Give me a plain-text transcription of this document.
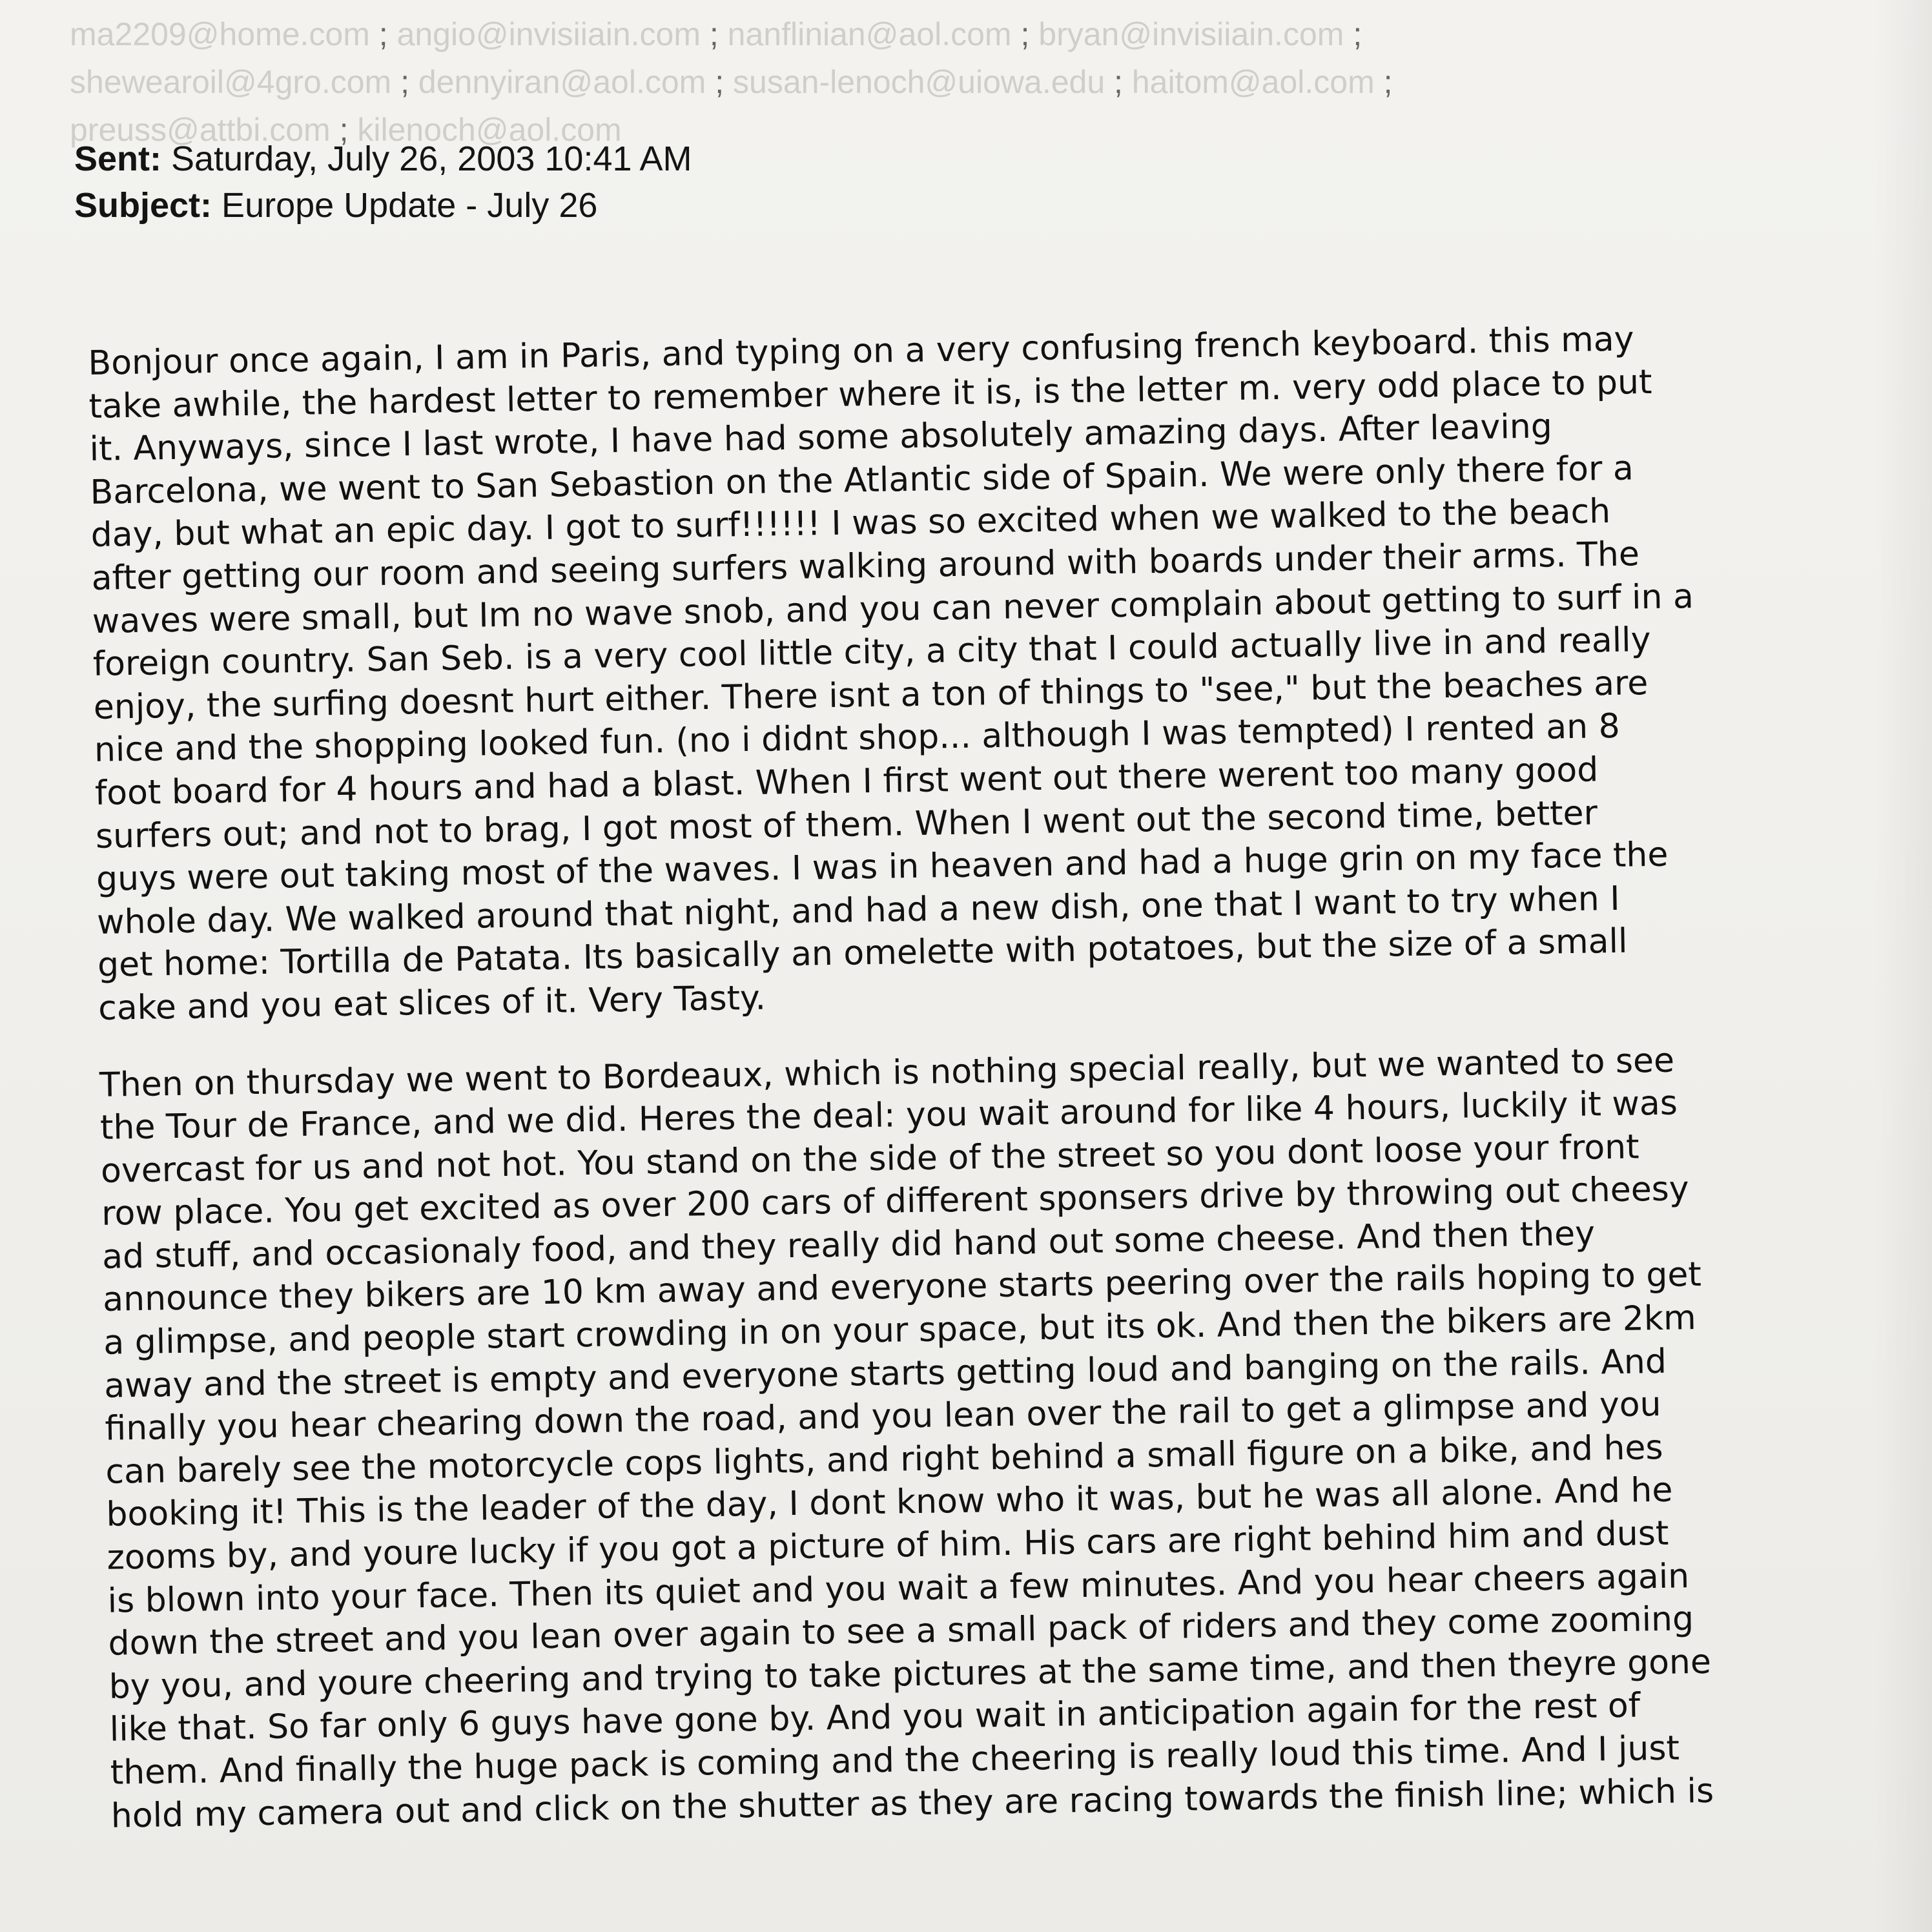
ma2209@home.com ; angio@invisiiain.com ; nanflinian@aol.com ; bryan@invisiiain.com ;
shewearoil@4gro.com ; dennyiran@aol.com ; susan-lenoch@uiowa.edu ; haitom@aol.com ;
preuss@attbi.com ; kilenoch@aol.com
Sent: Saturday, July 26, 2003 10:41 AM
Subject: Europe Update - July 26

Bonjour once again, I am in Paris, and typing on a very confusing french keyboard. this may
take awhile, the hardest letter to remember where it is, is the letter m. very odd place to put
it. Anyways, since I last wrote, I have had some absolutely amazing days. After leaving
Barcelona, we went to San Sebastion on the Atlantic side of Spain. We were only there for a
day, but what an epic day. I got to surf!!!!!! I was so excited when we walked to the beach
after getting our room and seeing surfers walking around with boards under their arms. The
waves were small, but Im no wave snob, and you can never complain about getting to surf in a
foreign country. San Seb. is a very cool little city, a city that I could actually live in and really
enjoy, the surfing doesnt hurt either. There isnt a ton of things to "see," but the beaches are
nice and the shopping looked fun. (no i didnt shop... although I was tempted) I rented an 8
foot board for 4 hours and had a blast. When I first went out there werent too many good
surfers out; and not to brag, I got most of them. When I went out the second time, better
guys were out taking most of the waves. I was in heaven and had a huge grin on my face the
whole day. We walked around that night, and had a new dish, one that I want to try when I
get home: Tortilla de Patata. Its basically an omelette with potatoes, but the size of a small
cake and you eat slices of it. Very Tasty.

Then on thursday we went to Bordeaux, which is nothing special really, but we wanted to see
the Tour de France, and we did. Heres the deal: you wait around for like 4 hours, luckily it was
overcast for us and not hot. You stand on the side of the street so you dont loose your front
row place. You get excited as over 200 cars of different sponsers drive by throwing out cheesy
ad stuff, and occasionaly food, and they really did hand out some cheese. And then they
announce they bikers are 10 km away and everyone starts peering over the rails hoping to get
a glimpse, and people start crowding in on your space, but its ok. And then the bikers are 2km
away and the street is empty and everyone starts getting loud and banging on the rails. And
finally you hear chearing down the road, and you lean over the rail to get a glimpse and you
can barely see the motorcycle cops lights, and right behind a small figure on a bike, and hes
booking it! This is the leader of the day, I dont know who it was, but he was all alone. And he
zooms by, and youre lucky if you got a picture of him. His cars are right behind him and dust
is blown into your face. Then its quiet and you wait a few minutes. And you hear cheers again
down the street and you lean over again to see a small pack of riders and they come zooming
by you, and youre cheering and trying to take pictures at the same time, and then theyre gone
like that. So far only 6 guys have gone by. And you wait in anticipation again for the rest of
them. And finally the huge pack is coming and the cheering is really loud this time. And I just
hold my camera out and click on the shutter as they are racing towards the finish line; which is
